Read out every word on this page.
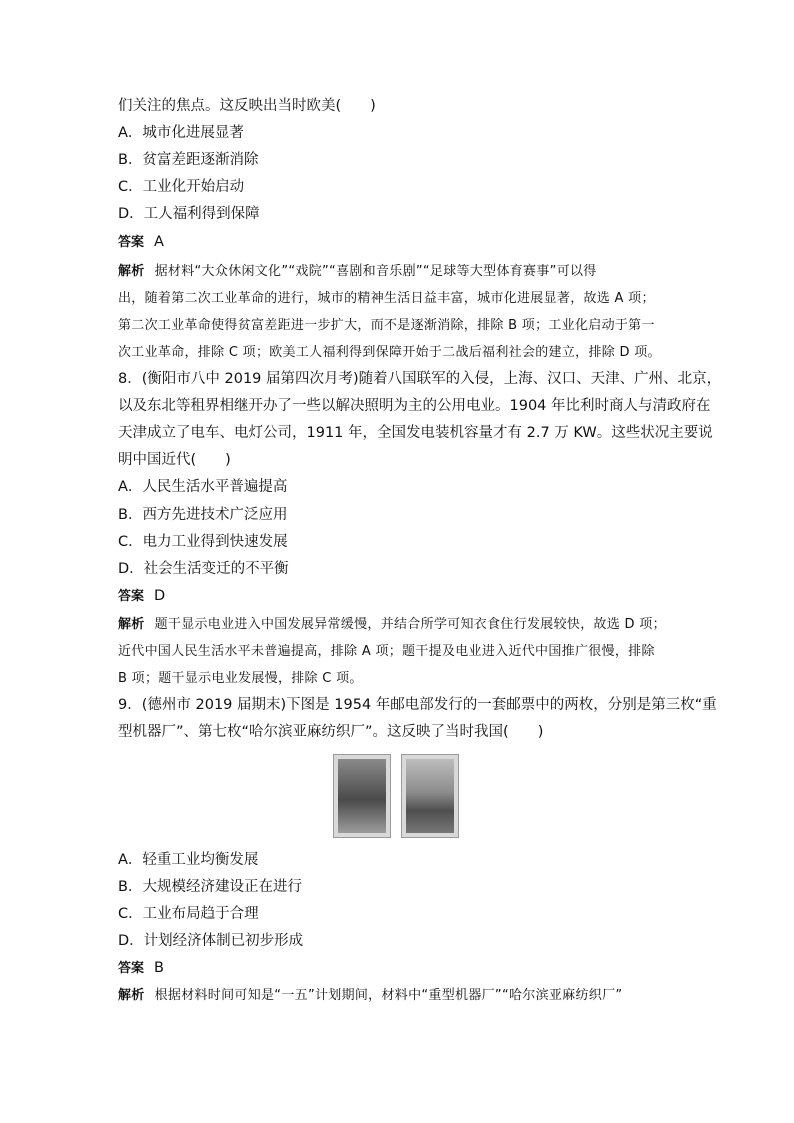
们关注的焦点。这反映出当时欧美(　　)
A．城市化进展显著
B．贫富差距逐渐消除
C．工业化开始启动
D．工人福利得到保障
答案 A
解析 据材料“大众休闲文化”“戏院”“喜剧和音乐剧”“足球等大型体育赛事”可以得
出，随着第二次工业革命的进行，城市的精神生活日益丰富，城市化进展显著，故选 A 项；
第二次工业革命使得贫富差距进一步扩大，而不是逐渐消除，排除 B 项；工业化启动于第一
次工业革命，排除 C 项；欧美工人福利得到保障开始于二战后福利社会的建立，排除 D 项。
8．(衡阳市八中 2019 届第四次月考)随着八国联军的入侵，上海、汉口、天津、广州、北京，
以及东北等租界相继开办了一些以解决照明为主的公用电业。1904 年比利时商人与清政府在
天津成立了电车、电灯公司，1911 年，全国发电装机容量才有 2.7 万 KW。这些状况主要说
明中国近代(　　)
A．人民生活水平普遍提高
B．西方先进技术广泛应用
C．电力工业得到快速发展
D．社会生活变迁的不平衡
答案 D
解析 题干显示电业进入中国发展异常缓慢，并结合所学可知衣食住行发展较快，故选 D 项；
近代中国人民生活水平未普遍提高，排除 A 项；题干提及电业进入近代中国推广很慢，排除
B 项；题干显示电业发展慢，排除 C 项。
9．(德州市 2019 届期末)下图是 1954 年邮电部发行的一套邮票中的两枚，分别是第三枚“重
型机器厂”、第七枚“哈尔滨亚麻纺织厂”。这反映了当时我国(　　)
A．轻重工业均衡发展
B．大规模经济建设正在进行
C．工业布局趋于合理
D．计划经济体制已初步形成
答案 B
解析 根据材料时间可知是“一五”计划期间，材料中“重型机器厂”“哈尔滨亚麻纺织厂”
